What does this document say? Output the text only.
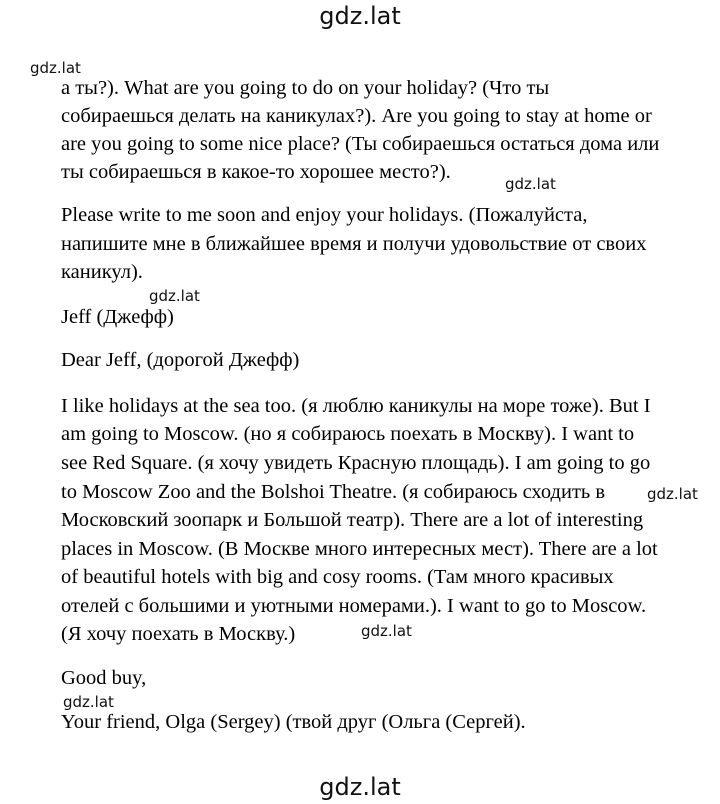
gdz.lat
gdz.lat
gdz.lat
gdz.lat
gdz.lat
gdz.lat
gdz.lat
а ты?). What are you going to do on your holiday? (Что ты
собираешься делать на каникулах?). Are you going to stay at home or
are you going to some nice place? (Ты собираешься остаться дома или
ты собираешься в какое-то хорошее место?).
Please write to me soon and enjoy your holidays. (Пожалуйста,
напишите мне в ближайшее время и получи удовольствие от своих
каникул).
Jeff (Джефф)
Dear Jeff, (дорогой Джефф)
I like holidays at the sea too. (я люблю каникулы на море тоже). But I
am going to Moscow. (но я собираюсь поехать в Москву). I want to
see Red Square. (я хочу увидеть Красную площадь). I am going to go
to Moscow Zoo and the Bolshoi Theatre. (я собираюсь сходить в
Московский зоопарк и Большой театр). There are a lot of interesting
places in Moscow. (В Москве много интересных мест). There are a lot
of beautiful hotels with big and cosy rooms. (Там много красивых
отелей с большими и уютными номерами.). I want to go to Moscow.
(Я хочу поехать в Москву.)
Good buy,
Your friend, Olga (Sergey) (твой друг (Ольга (Сергей).
gdz.lat
